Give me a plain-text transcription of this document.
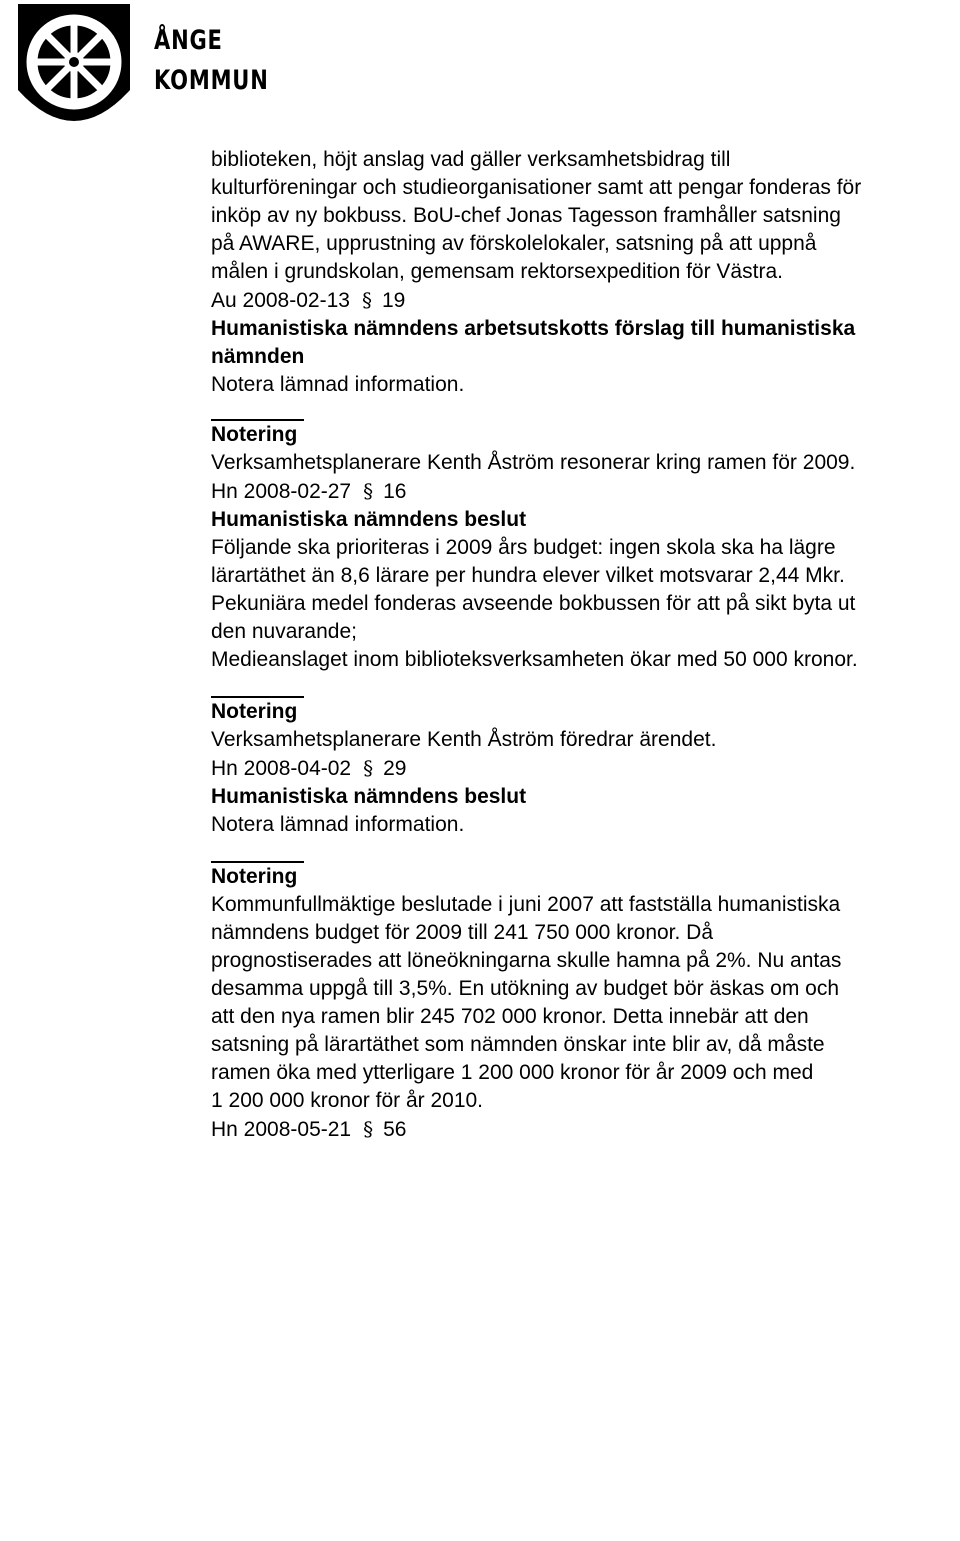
ÅNGE
KOMMUN

biblioteken, höjt anslag vad gäller verksamhetsbidrag till
kulturföreningar och studieorganisationer samt att pengar fonderas för
inköp av ny bokbuss. BoU-chef Jonas Tagesson framhåller satsning
på AWARE, upprustning av förskolelokaler, satsning på att uppnå
målen i grundskolan, gemensam rektorsexpedition för Västra.

Au 2008-02-13 § 19

Humanistiska nämndens arbetsutskotts förslag till humanistiska
nämnden

Notera lämnad information.

Notering

Verksamhetsplanerare Kenth Åström resonerar kring ramen för 2009.

Hn 2008-02-27 § 16

Humanistiska nämndens beslut

Följande ska prioriteras i 2009 års budget: ingen skola ska ha lägre
lärartäthet än 8,6 lärare per hundra elever vilket motsvarar 2,44 Mkr.
Pekuniära medel fonderas avseende bokbussen för att på sikt byta ut
den nuvarande;
Medieanslaget inom biblioteksverksamheten ökar med 50 000 kronor.

Notering

Verksamhetsplanerare Kenth Åström föredrar ärendet.

Hn 2008-04-02 § 29

Humanistiska nämndens beslut

Notera lämnad information.

Notering

Kommunfullmäktige beslutade i juni 2007 att fastställa humanistiska
nämndens budget för 2009 till 241 750 000 kronor. Då
prognostiserades att löneökningarna skulle hamna på 2%. Nu antas
desamma uppgå till 3,5%. En utökning av budget bör äskas om och
att den nya ramen blir 245 702 000 kronor. Detta innebär att den
satsning på lärartäthet som nämnden önskar inte blir av, då måste
ramen öka med ytterligare 1 200 000 kronor för år 2009 och med
1 200 000 kronor för år 2010.

Hn 2008-05-21 § 56
